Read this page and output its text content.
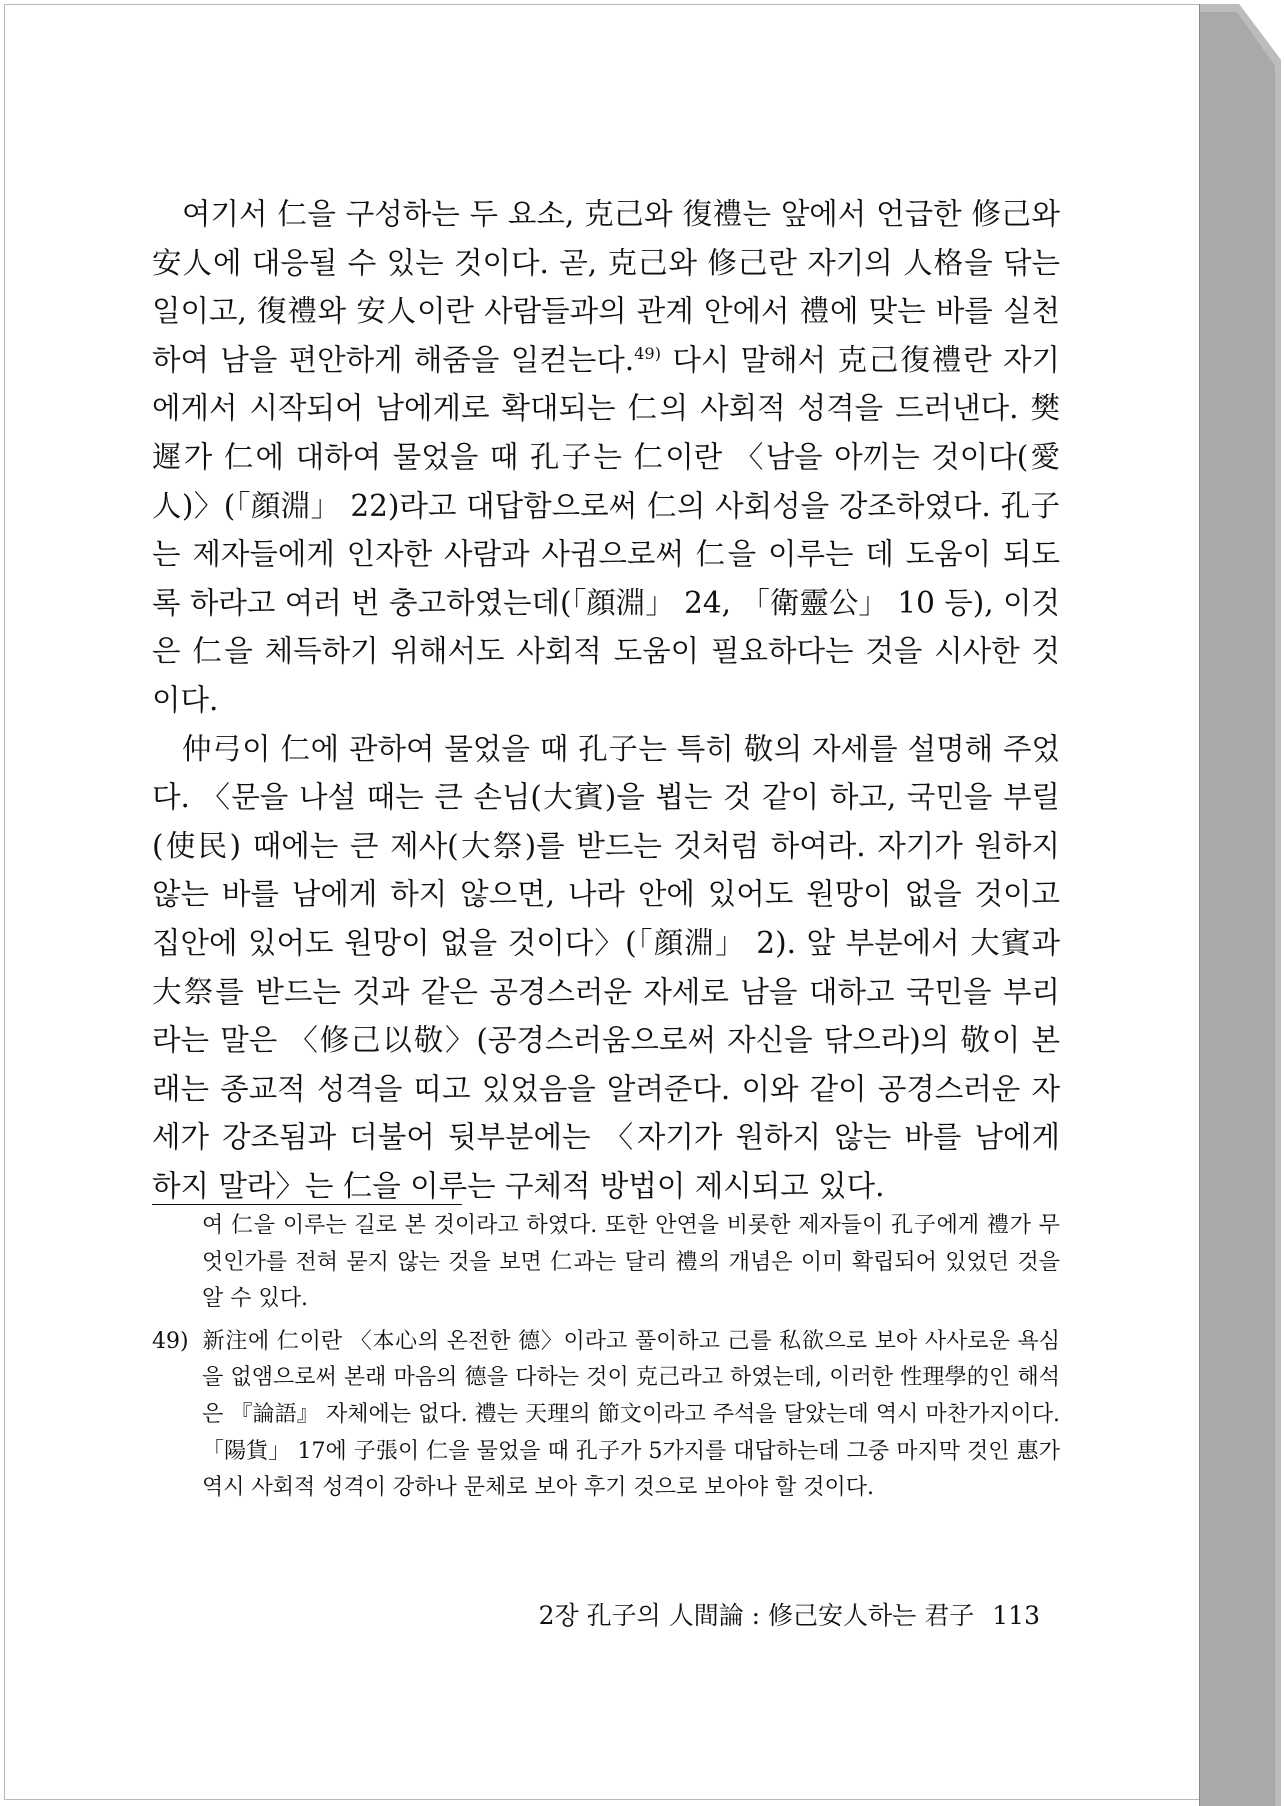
여기서 仁을 구성하는 두 요소, 克己와 復禮는 앞에서 언급한 修己와 安人에 대응될 수 있는 것이다. 곧, 克己와 修己란 자기의 人格을 닦는 일이고, 復禮와 安人이란 사람들과의 관계 안에서 禮에 맞는 바를 실천하여 남을 편안하게 해줌을 일컫는다.$^{49)}$ 다시 말해서 克己復禮란 자기에게서 시작되어 남에게로 확대되는 仁의 사회적 성격을 드러낸다. 樊遲가 仁에 대하여 물었을 때 孔子는 仁이란 〈남을 아끼는 것이다(愛人)〉(「顔淵」 22)라고 대답함으로써 仁의 사회성을 강조하였다. 孔子는 제자들에게 인자한 사람과 사귐으로써 仁을 이루는 데 도움이 되도록 하라고 여러 번 충고하였는데(「顔淵」 24, 「衛靈公」 10 등), 이것은 仁을 체득하기 위해서도 사회적 도움이 필요하다는 것을 시사한 것이다.

仲弓이 仁에 관하여 물었을 때 孔子는 특히 敬의 자세를 설명해 주었다. 〈문을 나설 때는 큰 손님(大賓)을 뵙는 것 같이 하고, 국민을 부릴(使民) 때에는 큰 제사(大祭)를 받드는 것처럼 하여라. 자기가 원하지 않는 바를 남에게 하지 않으면, 나라 안에 있어도 원망이 없을 것이고 집안에 있어도 원망이 없을 것이다〉(「顔淵」 2). 앞 부분에서 大賓과 大祭를 받드는 것과 같은 공경스러운 자세로 남을 대하고 국민을 부리라는 말은 〈修己以敬〉(공경스러움으로써 자신을 닦으라)의 敬이 본래는 종교적 성격을 띠고 있었음을 알려준다. 이와 같이 공경스러운 자세가 강조됨과 더불어 뒷부분에는 〈자기가 원하지 않는 바를 남에게 하지 말라〉는 仁을 이루는 구체적 방법이 제시되고 있다.

여 仁을 이루는 길로 본 것이라고 하였다. 또한 안연을 비롯한 제자들이 孔子에게 禮가 무엇인가를 전혀 묻지 않는 것을 보면 仁과는 달리 禮의 개념은 이미 확립되어 있었던 것을 알 수 있다.

49) 新注에 仁이란 〈本心의 온전한 德〉이라고 풀이하고 己를 私欲으로 보아 사사로운 욕심을 없앰으로써 본래 마음의 德을 다하는 것이 克己라고 하였는데, 이러한 性理學的인 해석은 『論語』 자체에는 없다. 禮는 天理의 節文이라고 주석을 달았는데 역시 마찬가지이다. 「陽貨」 17에 子張이 仁을 물었을 때 孔子가 5가지를 대답하는데 그중 마지막 것인 惠가 역시 사회적 성격이 강하나 문체로 보아 후기 것으로 보아야 할 것이다.

2장 孔子의 人間論 : 修己安人하는 君子 113
